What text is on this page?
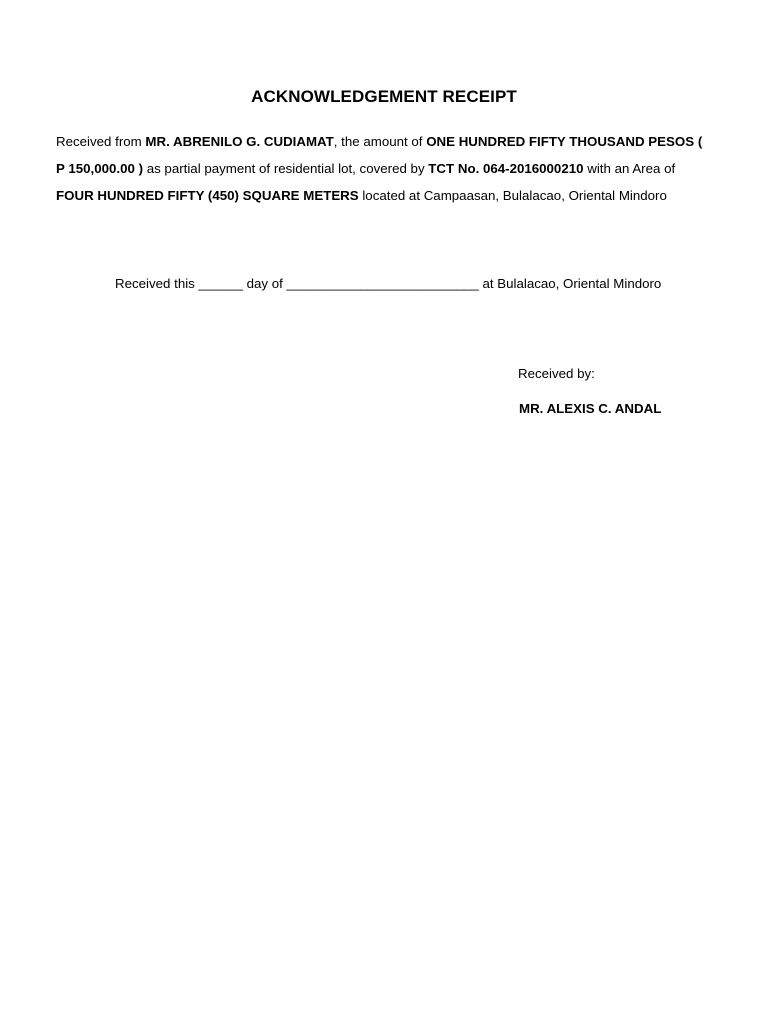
ACKNOWLEDGEMENT RECEIPT
Received from MR. ABRENILO G. CUDIAMAT, the amount of ONE HUNDRED FIFTY THOUSAND PESOS ( P 150,000.00 ) as partial payment of residential lot, covered by TCT No. 064-2016000210 with an Area of FOUR HUNDRED FIFTY (450) SQUARE METERS located at Campaasan, Bulalacao, Oriental Mindoro
Received this ______ day of __________________________ at Bulalacao, Oriental Mindoro
Received by:
MR. ALEXIS C. ANDAL
